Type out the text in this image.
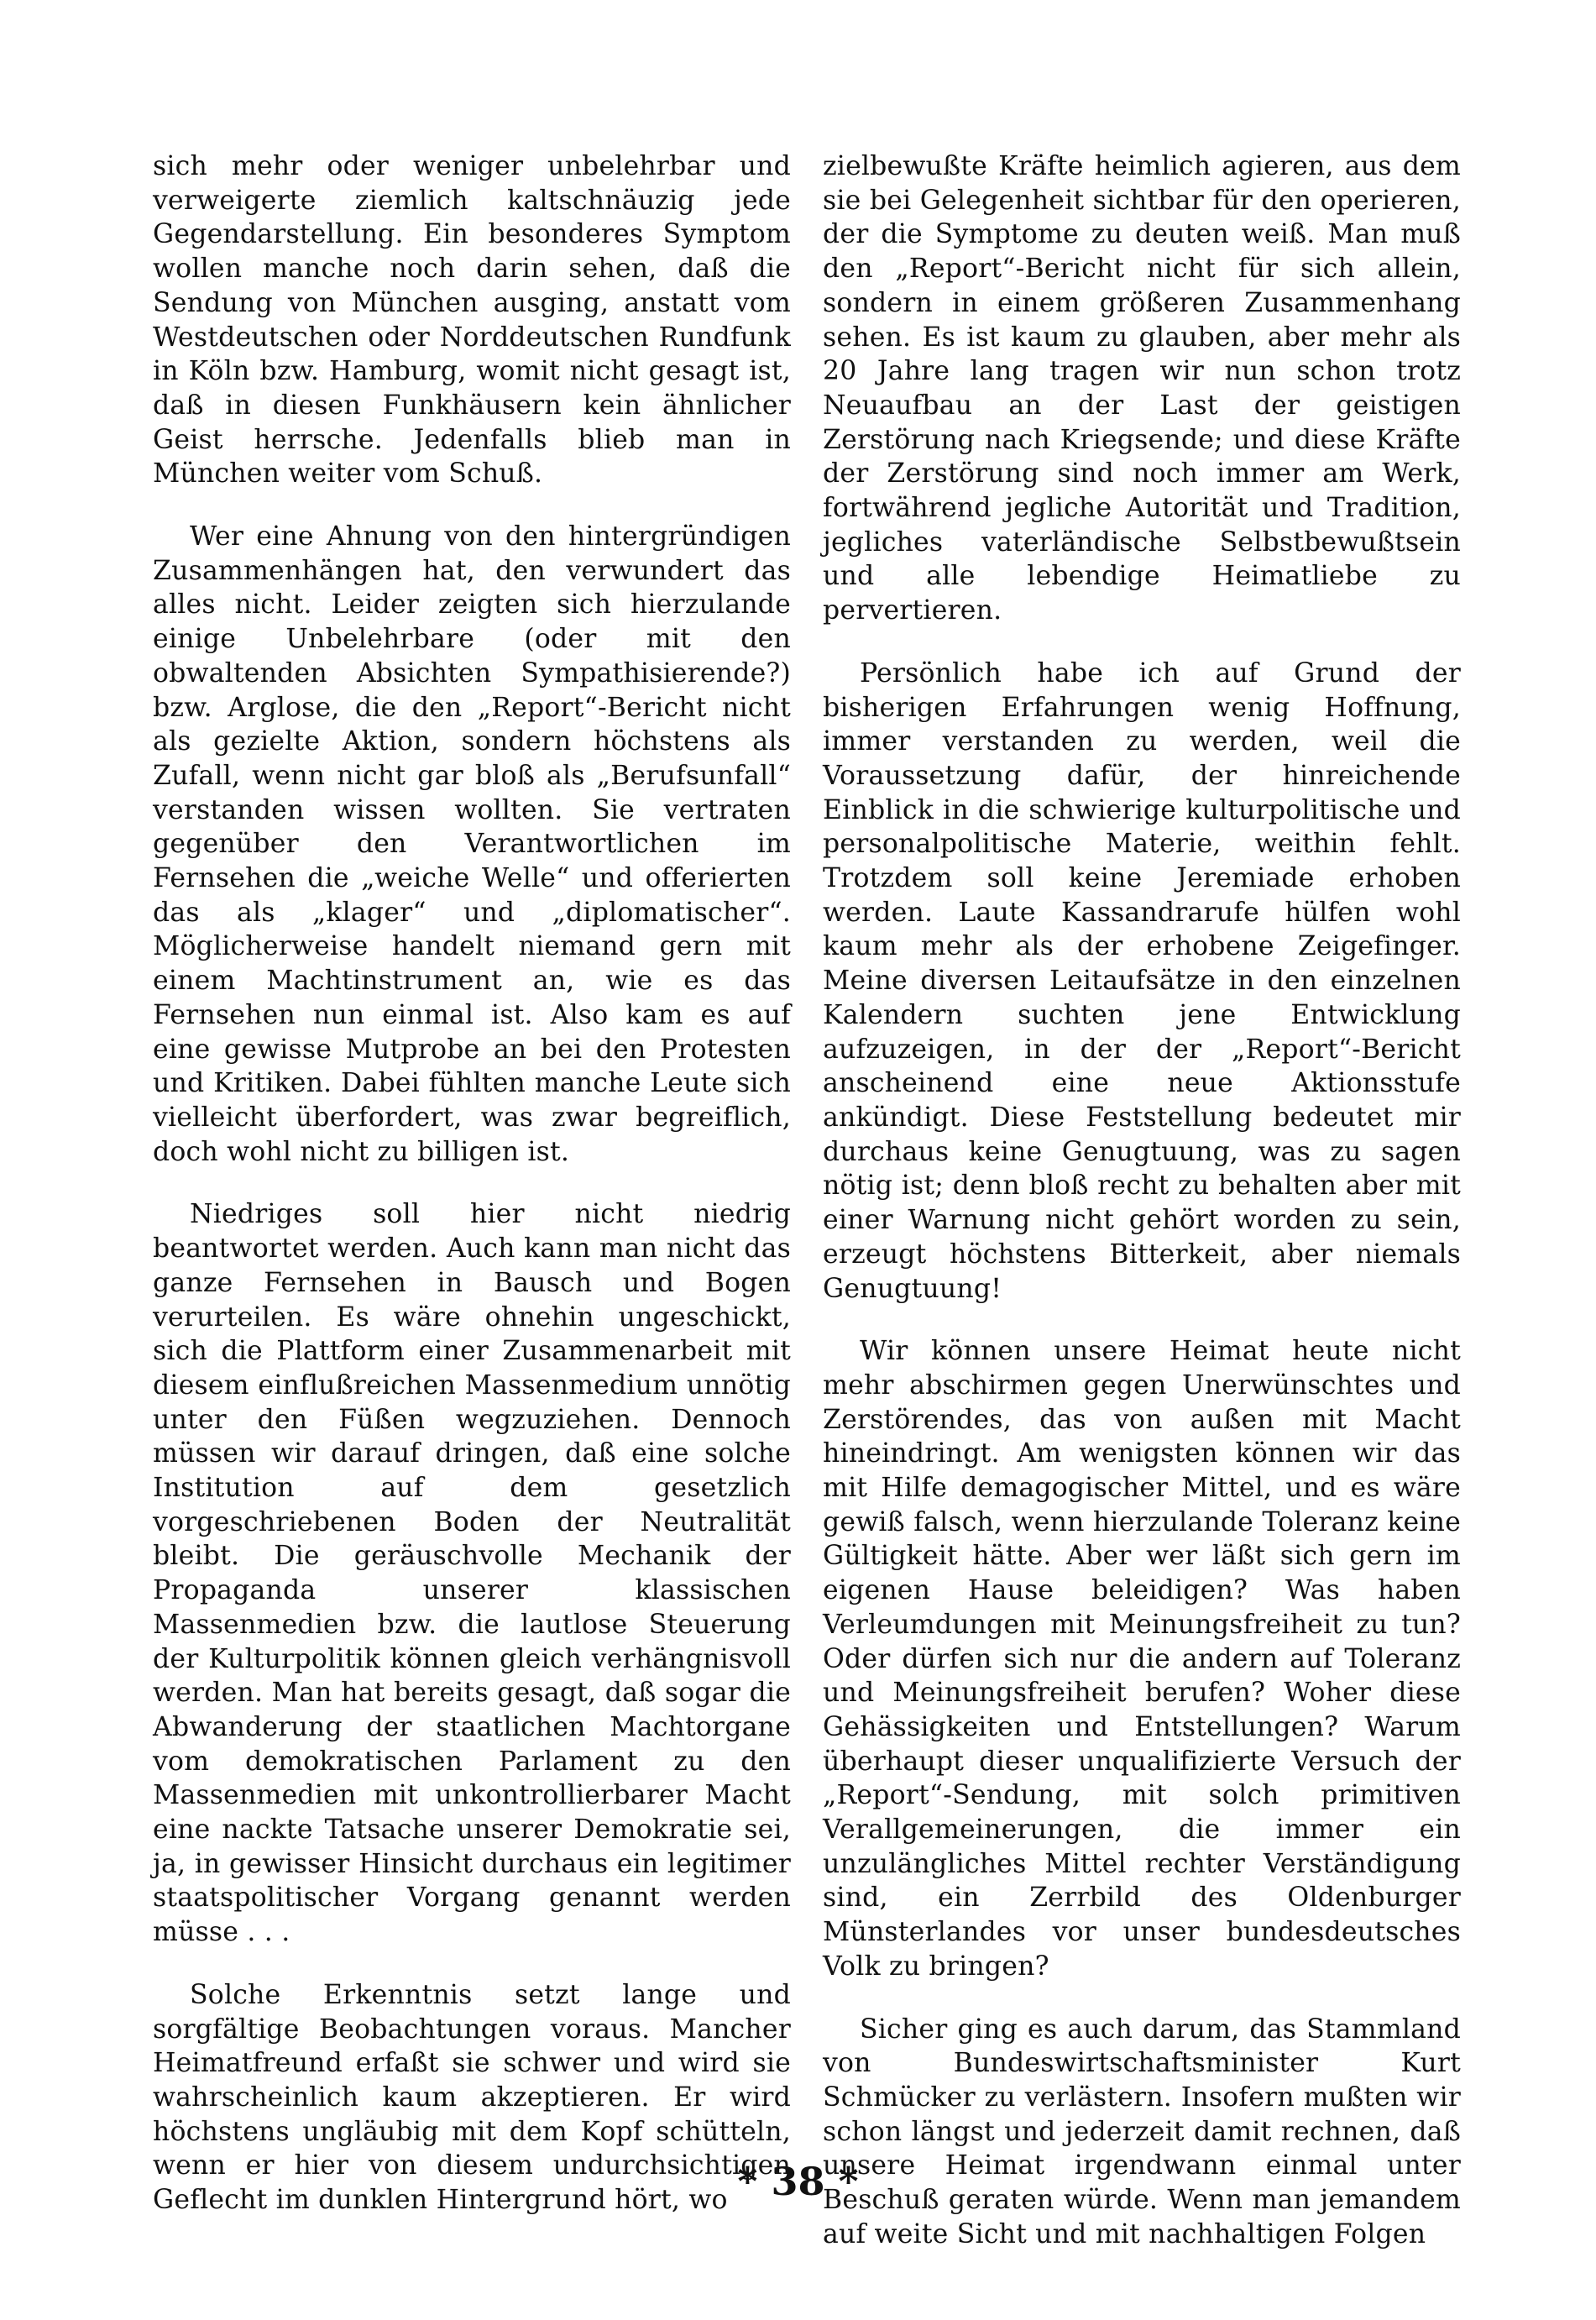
sich mehr oder weniger unbelehrbar und verweigerte ziemlich kaltschnäuzig jede Gegendarstellung. Ein besonderes Symptom wollen manche noch darin sehen, daß die Sendung von München ausging, anstatt vom Westdeutschen oder Norddeutschen Rundfunk in Köln bzw. Hamburg, womit nicht gesagt ist, daß in diesen Funkhäusern kein ähnlicher Geist herrsche. Jedenfalls blieb man in München weiter vom Schuß.

Wer eine Ahnung von den hintergründigen Zusammenhängen hat, den verwundert das alles nicht. Leider zeigten sich hierzulande einige Unbelehrbare (oder mit den obwaltenden Absichten Sympathisierende?) bzw. Arglose, die den „Report“-Bericht nicht als gezielte Aktion, sondern höchstens als Zufall, wenn nicht gar bloß als „Berufsunfall“ verstanden wissen wollten. Sie vertraten gegenüber den Verantwortlichen im Fernsehen die „weiche Welle“ und offerierten das als „klager“ und „diplomatischer“. Möglicherweise handelt niemand gern mit einem Machtinstrument an, wie es das Fernsehen nun einmal ist. Also kam es auf eine gewisse Mutprobe an bei den Protesten und Kritiken. Dabei fühlten manche Leute sich vielleicht überfordert, was zwar begreiflich, doch wohl nicht zu billigen ist.

Niedriges soll hier nicht niedrig beantwortet werden. Auch kann man nicht das ganze Fernsehen in Bausch und Bogen verurteilen. Es wäre ohnehin ungeschickt, sich die Plattform einer Zusammenarbeit mit diesem einflußreichen Massenmedium unnötig unter den Füßen wegzuziehen. Dennoch müssen wir darauf dringen, daß eine solche Institution auf dem gesetzlich vorgeschriebenen Boden der Neutralität bleibt. Die geräuschvolle Mechanik der Propaganda unserer klassischen Massenmedien bzw. die lautlose Steuerung der Kulturpolitik können gleich verhängnisvoll werden. Man hat bereits gesagt, daß sogar die Abwanderung der staatlichen Machtorgane vom demokratischen Parlament zu den Massenmedien mit unkontrollierbarer Macht eine nackte Tatsache unserer Demokratie sei, ja, in gewisser Hinsicht durchaus ein legitimer staatspolitischer Vorgang genannt werden müsse . . .

Solche Erkenntnis setzt lange und sorgfältige Beobachtungen voraus. Mancher Heimatfreund erfaßt sie schwer und wird sie wahrscheinlich kaum akzeptieren. Er wird höchstens ungläubig mit dem Kopf schütteln, wenn er hier von diesem undurchsichtigen Geflecht im dunklen Hintergrund hört, wo

zielbewußte Kräfte heimlich agieren, aus dem sie bei Gelegenheit sichtbar für den operieren, der die Symptome zu deuten weiß. Man muß den „Report“-Bericht nicht für sich allein, sondern in einem größeren Zusammenhang sehen. Es ist kaum zu glauben, aber mehr als 20 Jahre lang tragen wir nun schon trotz Neuaufbau an der Last der geistigen Zerstörung nach Kriegsende; und diese Kräfte der Zerstörung sind noch immer am Werk, fortwährend jegliche Autorität und Tradition, jegliches vaterländische Selbstbewußtsein und alle lebendige Heimatliebe zu pervertieren.

Persönlich habe ich auf Grund der bisherigen Erfahrungen wenig Hoffnung, immer verstanden zu werden, weil die Voraussetzung dafür, der hinreichende Einblick in die schwierige kulturpolitische und personalpolitische Materie, weithin fehlt. Trotzdem soll keine Jeremiade erhoben werden. Laute Kassandrarufe hülfen wohl kaum mehr als der erhobene Zeigefinger. Meine diversen Leitaufsätze in den einzelnen Kalendern suchten jene Entwicklung aufzuzeigen, in der der „Report“-Bericht anscheinend eine neue Aktionsstufe ankündigt. Diese Feststellung bedeutet mir durchaus keine Genugtuung, was zu sagen nötig ist; denn bloß recht zu behalten aber mit einer Warnung nicht gehört worden zu sein, erzeugt höchstens Bitterkeit, aber niemals Genugtuung!

Wir können unsere Heimat heute nicht mehr abschirmen gegen Unerwünschtes und Zerstörendes, das von außen mit Macht hineindringt. Am wenigsten können wir das mit Hilfe demagogischer Mittel, und es wäre gewiß falsch, wenn hierzulande Toleranz keine Gültigkeit hätte. Aber wer läßt sich gern im eigenen Hause beleidigen? Was haben Verleumdungen mit Meinungsfreiheit zu tun? Oder dürfen sich nur die andern auf Toleranz und Meinungsfreiheit berufen? Woher diese Gehässigkeiten und Entstellungen? Warum überhaupt dieser unqualifizierte Versuch der „Report“-Sendung, mit solch primitiven Verallgemeinerungen, die immer ein unzulängliches Mittel rechter Verständigung sind, ein Zerrbild des Oldenburger Münsterlandes vor unser bundesdeutsches Volk zu bringen?

Sicher ging es auch darum, das Stammland von Bundeswirtschaftsminister Kurt Schmücker zu verlästern. Insofern mußten wir schon längst und jederzeit damit rechnen, daß unsere Heimat irgendwann einmal unter Beschuß geraten würde. Wenn man jemandem auf weite Sicht und mit nachhaltigen Folgen

* 38 *
